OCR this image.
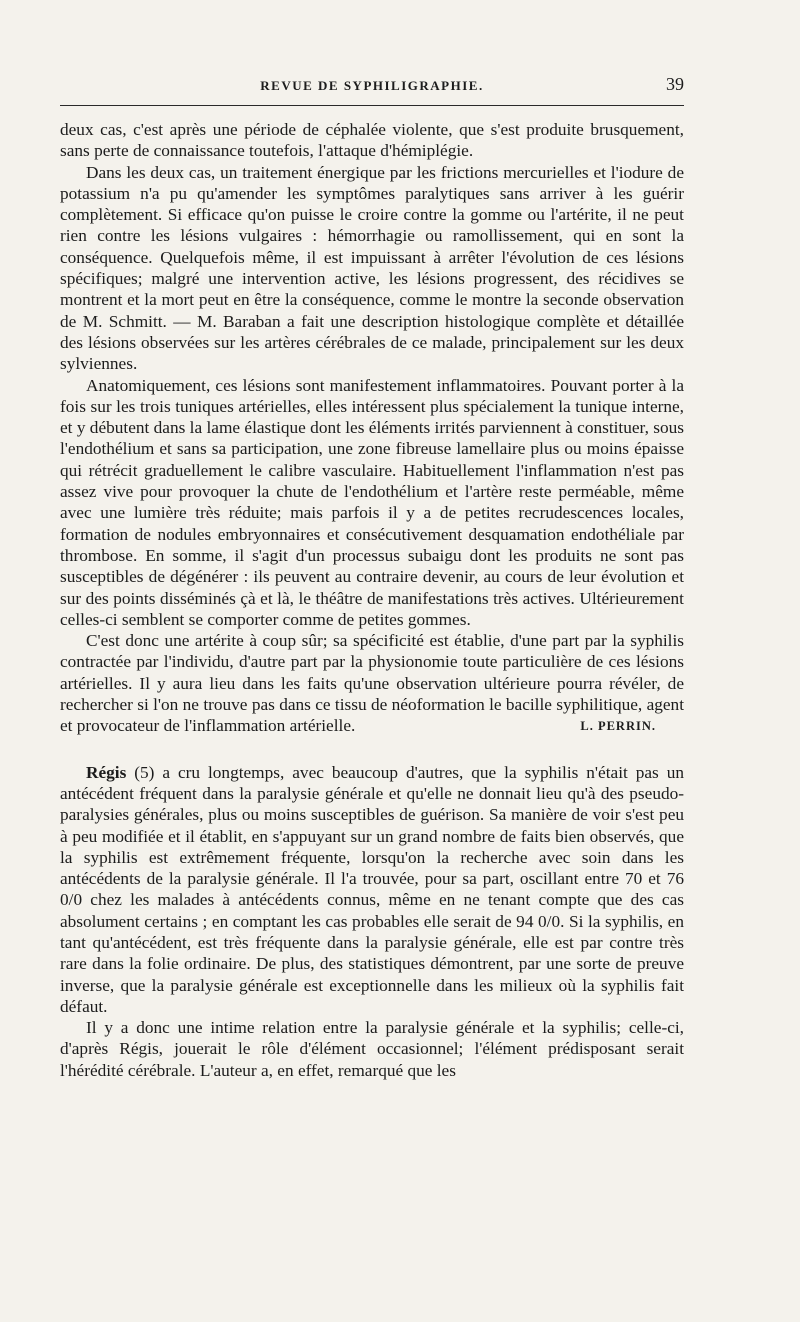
REVUE DE SYPHILIGRAPHIE.	39

deux cas, c'est après une période de céphalée violente, que s'est produite brusquement, sans perte de connaissance toutefois, l'attaque d'hémiplégie.

Dans les deux cas, un traitement énergique par les frictions mercurielles et l'iodure de potassium n'a pu qu'amender les symptômes paralytiques sans arriver à les guérir complètement. Si efficace qu'on puisse le croire contre la gomme ou l'artérite, il ne peut rien contre les lésions vulgaires : hémorrhagie ou ramollissement, qui en sont la conséquence. Quelquefois même, il est impuissant à arrêter l'évolution de ces lésions spécifiques; malgré une intervention active, les lésions progressent, des récidives se montrent et la mort peut en être la conséquence, comme le montre la seconde observation de M. Schmitt. — M. Baraban a fait une description histologique complète et détaillée des lésions observées sur les artères cérébrales de ce malade, principalement sur les deux sylviennes.

Anatomiquement, ces lésions sont manifestement inflammatoires. Pouvant porter à la fois sur les trois tuniques artérielles, elles intéressent plus spécialement la tunique interne, et y débutent dans la lame élastique dont les éléments irrités parviennent à constituer, sous l'endothélium et sans sa participation, une zone fibreuse lamellaire plus ou moins épaisse qui rétrécit graduellement le calibre vasculaire. Habituellement l'inflammation n'est pas assez vive pour provoquer la chute de l'endothélium et l'artère reste perméable, même avec une lumière très réduite; mais parfois il y a de petites recrudescences locales, formation de nodules embryonnaires et consécutivement desquamation endothéliale par thrombose. En somme, il s'agit d'un processus subaigu dont les produits ne sont pas susceptibles de dégénérer : ils peuvent au contraire devenir, au cours de leur évolution et sur des points disséminés çà et là, le théâtre de manifestations très actives. Ultérieurement celles-ci semblent se comporter comme de petites gommes.

C'est donc une artérite à coup sûr; sa spécificité est établie, d'une part par la syphilis contractée par l'individu, d'autre part par la physionomie toute particulière de ces lésions artérielles. Il y aura lieu dans les faits qu'une observation ultérieure pourra révéler, de rechercher si l'on ne trouve pas dans ce tissu de néoformation le bacille syphilitique, agent et provocateur de l'inflammation artérielle.	L. PERRIN.

Régis (5) a cru longtemps, avec beaucoup d'autres, que la syphilis n'était pas un antécédent fréquent dans la paralysie générale et qu'elle ne donnait lieu qu'à des pseudo-paralysies générales, plus ou moins susceptibles de guérison. Sa manière de voir s'est peu à peu modifiée et il établit, en s'appuyant sur un grand nombre de faits bien observés, que la syphilis est extrêmement fréquente, lorsqu'on la recherche avec soin dans les antécédents de la paralysie générale. Il l'a trouvée, pour sa part, oscillant entre 70 et 76 0/0 chez les malades à antécédents connus, même en ne tenant compte que des cas absolument certains ; en comptant les cas probables elle serait de 94 0/0. Si la syphilis, en tant qu'antécédent, est très fréquente dans la paralysie générale, elle est par contre très rare dans la folie ordinaire. De plus, des statistiques démontrent, par une sorte de preuve inverse, que la paralysie générale est exceptionnelle dans les milieux où la syphilis fait défaut.

Il y a donc une intime relation entre la paralysie générale et la syphilis; celle-ci, d'après Régis, jouerait le rôle d'élément occasionnel; l'élément prédisposant serait l'hérédité cérébrale. L'auteur a, en effet, remarqué que les
